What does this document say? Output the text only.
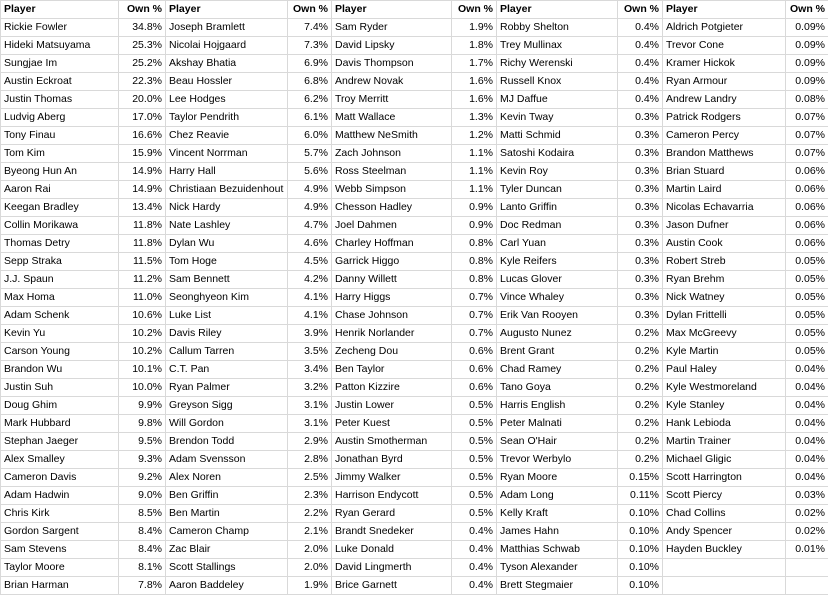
Player	Own %	Player	Own %	Player	Own %	Player	Own %	Player	Own %
Rickie Fowler	34.8%	Joseph Bramlett	7.4%	Sam Ryder	1.9%	Robby Shelton	0.4%	Aldrich Potgieter	0.09%
Hideki Matsuyama	25.3%	Nicolai Hojgaard	7.3%	David Lipsky	1.8%	Trey Mullinax	0.4%	Trevor Cone	0.09%
Sungjae Im	25.2%	Akshay Bhatia	6.9%	Davis Thompson	1.7%	Richy Werenski	0.4%	Kramer Hickok	0.09%
Austin Eckroat	22.3%	Beau Hossler	6.8%	Andrew Novak	1.6%	Russell Knox	0.4%	Ryan Armour	0.09%
Justin Thomas	20.0%	Lee Hodges	6.2%	Troy Merritt	1.6%	MJ Daffue	0.4%	Andrew Landry	0.08%
Ludvig Aberg	17.0%	Taylor Pendrith	6.1%	Matt Wallace	1.3%	Kevin Tway	0.3%	Patrick Rodgers	0.07%
Tony Finau	16.6%	Chez Reavie	6.0%	Matthew NeSmith	1.2%	Matti Schmid	0.3%	Cameron Percy	0.07%
Tom Kim	15.9%	Vincent Norrman	5.7%	Zach Johnson	1.1%	Satoshi Kodaira	0.3%	Brandon Matthews	0.07%
Byeong Hun An	14.9%	Harry Hall	5.6%	Ross Steelman	1.1%	Kevin Roy	0.3%	Brian Stuard	0.06%
Aaron Rai	14.9%	Christiaan Bezuidenhout	4.9%	Webb Simpson	1.1%	Tyler Duncan	0.3%	Martin Laird	0.06%
Keegan Bradley	13.4%	Nick Hardy	4.9%	Chesson Hadley	0.9%	Lanto Griffin	0.3%	Nicolas Echavarria	0.06%
Collin Morikawa	11.8%	Nate Lashley	4.7%	Joel Dahmen	0.9%	Doc Redman	0.3%	Jason Dufner	0.06%
Thomas Detry	11.8%	Dylan Wu	4.6%	Charley Hoffman	0.8%	Carl Yuan	0.3%	Austin Cook	0.06%
Sepp Straka	11.5%	Tom Hoge	4.5%	Garrick Higgo	0.8%	Kyle Reifers	0.3%	Robert Streb	0.05%
J.J. Spaun	11.2%	Sam Bennett	4.2%	Danny Willett	0.8%	Lucas Glover	0.3%	Ryan Brehm	0.05%
Max Homa	11.0%	Seonghyeon Kim	4.1%	Harry Higgs	0.7%	Vince Whaley	0.3%	Nick Watney	0.05%
Adam Schenk	10.6%	Luke List	4.1%	Chase Johnson	0.7%	Erik Van Rooyen	0.3%	Dylan Frittelli	0.05%
Kevin Yu	10.2%	Davis Riley	3.9%	Henrik Norlander	0.7%	Augusto Nunez	0.2%	Max McGreevy	0.05%
Carson Young	10.2%	Callum Tarren	3.5%	Zecheng Dou	0.6%	Brent Grant	0.2%	Kyle Martin	0.05%
Brandon Wu	10.1%	C.T. Pan	3.4%	Ben Taylor	0.6%	Chad Ramey	0.2%	Paul Haley	0.04%
Justin Suh	10.0%	Ryan Palmer	3.2%	Patton Kizzire	0.6%	Tano Goya	0.2%	Kyle Westmoreland	0.04%
Doug Ghim	9.9%	Greyson Sigg	3.1%	Justin Lower	0.5%	Harris English	0.2%	Kyle Stanley	0.04%
Mark Hubbard	9.8%	Will Gordon	3.1%	Peter Kuest	0.5%	Peter Malnati	0.2%	Hank Lebioda	0.04%
Stephan Jaeger	9.5%	Brendon Todd	2.9%	Austin Smotherman	0.5%	Sean O'Hair	0.2%	Martin Trainer	0.04%
Alex Smalley	9.3%	Adam Svensson	2.8%	Jonathan Byrd	0.5%	Trevor Werbylo	0.2%	Michael Gligic	0.04%
Cameron Davis	9.2%	Alex Noren	2.5%	Jimmy Walker	0.5%	Ryan Moore	0.15%	Scott Harrington	0.04%
Adam Hadwin	9.0%	Ben Griffin	2.3%	Harrison Endycott	0.5%	Adam Long	0.11%	Scott Piercy	0.03%
Chris Kirk	8.5%	Ben Martin	2.2%	Ryan Gerard	0.5%	Kelly Kraft	0.10%	Chad Collins	0.02%
Gordon Sargent	8.4%	Cameron Champ	2.1%	Brandt Snedeker	0.4%	James Hahn	0.10%	Andy Spencer	0.02%
Sam Stevens	8.4%	Zac Blair	2.0%	Luke Donald	0.4%	Matthias Schwab	0.10%	Hayden Buckley	0.01%
Taylor Moore	8.1%	Scott Stallings	2.0%	David Lingmerth	0.4%	Tyson Alexander	0.10%		
Brian Harman	7.8%	Aaron Baddeley	1.9%	Brice Garnett	0.4%	Brett Stegmaier	0.10%		
